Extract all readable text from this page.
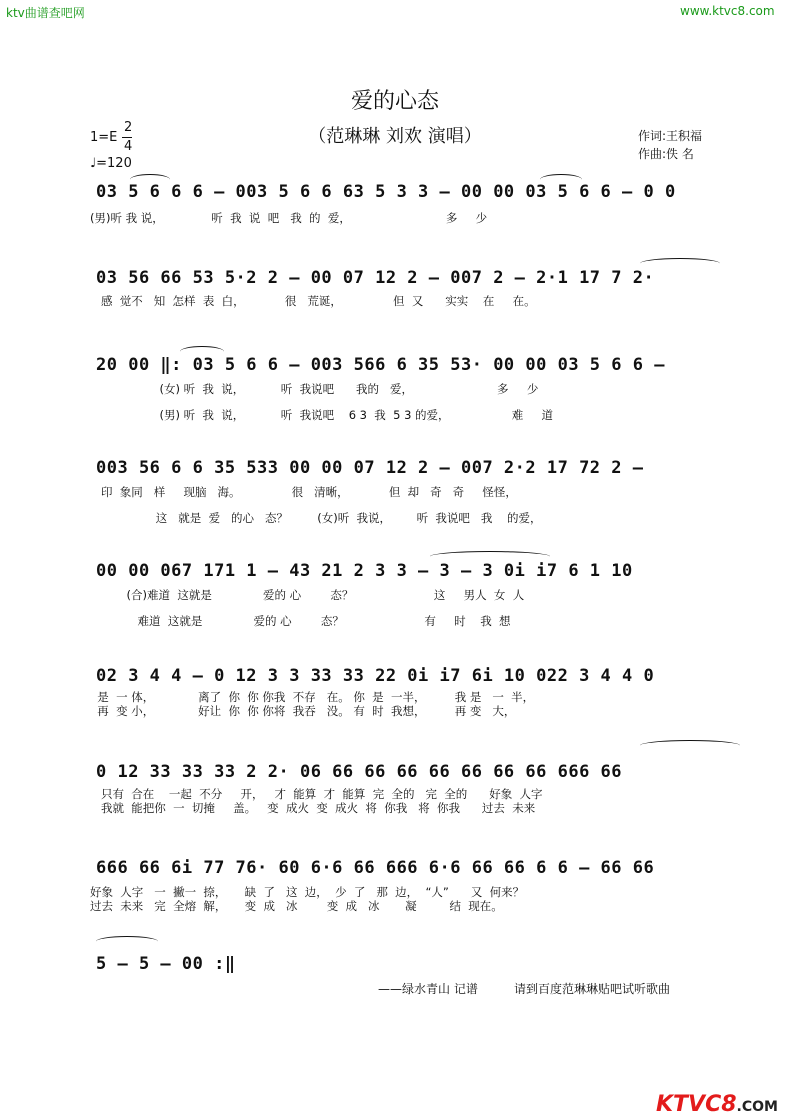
ktv曲谱查吧网	www.ktvc8.com
爱的心态
（范琳琳 刘欢 演唱）
1=E
2
4
♩=120
作词:王积福
作曲:佚 名
03 5 6 6 6 – 003 5 6 6 63 5 3 3 – 00 00 03 5 6 6 – 0 0
(男)听 我 说，             听  我  说  吧   我  的  爱，                          多     少
03 56 66 53 5·2 2 – 00 07 12 2 – 007 2 – 2·1 17 7 2·
感  觉不   知  怎样  表  白，           很   荒诞，              但  又      实实    在     在。
20 00 ‖: 03 5 6 6 – 003 566 6 35 53· 00 00 03 5 6 6 –
(女) 听  我  说，          听  我说吧      我的   爱，                       多     少
(男) 听  我  说，          听  我说吧    6 3  我  5 3 的爱，                 难     道
003 56 6 6 35 533 00 00 07 12 2 – 007 2·2 17 72 2 –
印  象同   样     现脑   海。              很   清晰，           但  却   奇   奇     怪怪，
这   就是  爱   的心   态？        (女)听  我说，       听  我说吧   我    的爱，
00 00 067 171 1 – 43 21 2 3 3 – 3 – 3 0i i7 6 1 10
(合)难道  这就是              爱的 心        态？                      这     男人  女  人
难道  这就是              爱的 心        态？                      有     时    我  想
02 3 4 4 – 0 12 3 3 33 33 22 0i i7 6i 10 022 3 4 4 0
是  一 体，            离了  你  你 你我  不存   在。 你  是  一半，        我 是   一  半，
再  变 小，            好让  你  你 你将  我吞   没。 有  时  我想，        再 变   大，
0 12 33 33 33 2 2· 06 66 66 66 66 66 66 66 666 66
只有  合在    一起  不分     开，   才  能算  才  能算  完  全的   完  全的      好象  人字
我就  能把你  一  切掩     盖。   变  成火  变  成火  将  你我   将  你我      过去  未来
666 66 6i 77 76· 60 6·6 66 666 6·6 66 66 6 6 – 66 66
好象  人字   一  撇一  捺，     缺  了   这  边，  少  了   那  边，  “人”      又  何来？
过去  未来   完  全熔  解，     变  成   冰        变  成   冰       凝         结  现在。
5 – 5 – 00 :‖
——绿水青山 记谱	请到百度范琳琳贴吧试听歌曲
KTVC8.COM
